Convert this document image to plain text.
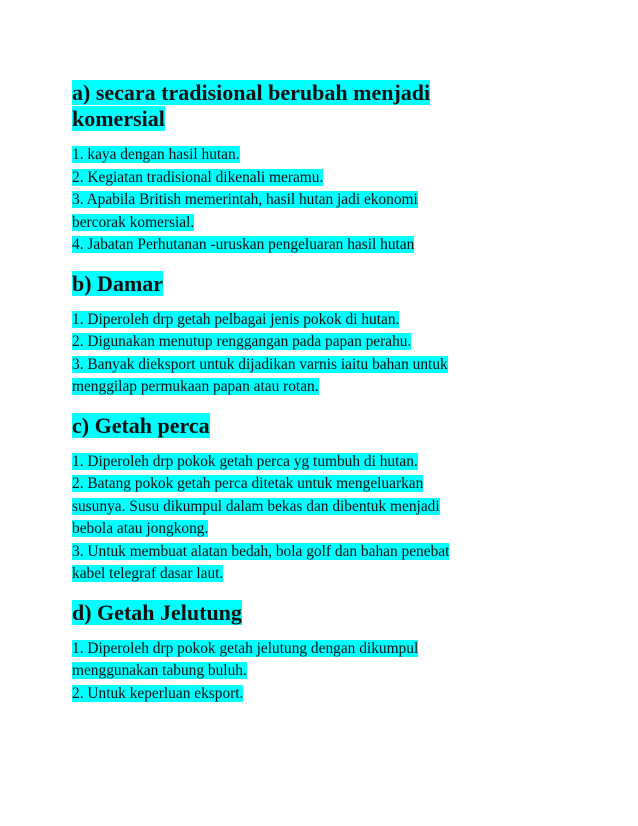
a) secara tradisional berubah menjadi
komersial

1. kaya dengan hasil hutan.
2. Kegiatan tradisional dikenali meramu.
3. Apabila British memerintah, hasil hutan jadi ekonomi
bercorak komersial.
4. Jabatan Perhutanan -uruskan pengeluaran hasil hutan

b) Damar

1. Diperoleh drp getah pelbagai jenis pokok di hutan.
2. Digunakan menutup renggangan pada papan perahu.
3. Banyak dieksport untuk dijadikan varnis iaitu bahan untuk
menggilap permukaan papan atau rotan.

c) Getah perca

1. Diperoleh drp pokok getah perca yg tumbuh di hutan.
2. Batang pokok getah perca ditetak untuk mengeluarkan
susunya. Susu dikumpul dalam bekas dan dibentuk menjadi
bebola atau jongkong.
3. Untuk membuat alatan bedah, bola golf dan bahan penebat
kabel telegraf dasar laut.

d) Getah Jelutung

1. Diperoleh drp pokok getah jelutung dengan dikumpul
menggunakan tabung buluh.
2. Untuk keperluan eksport.
